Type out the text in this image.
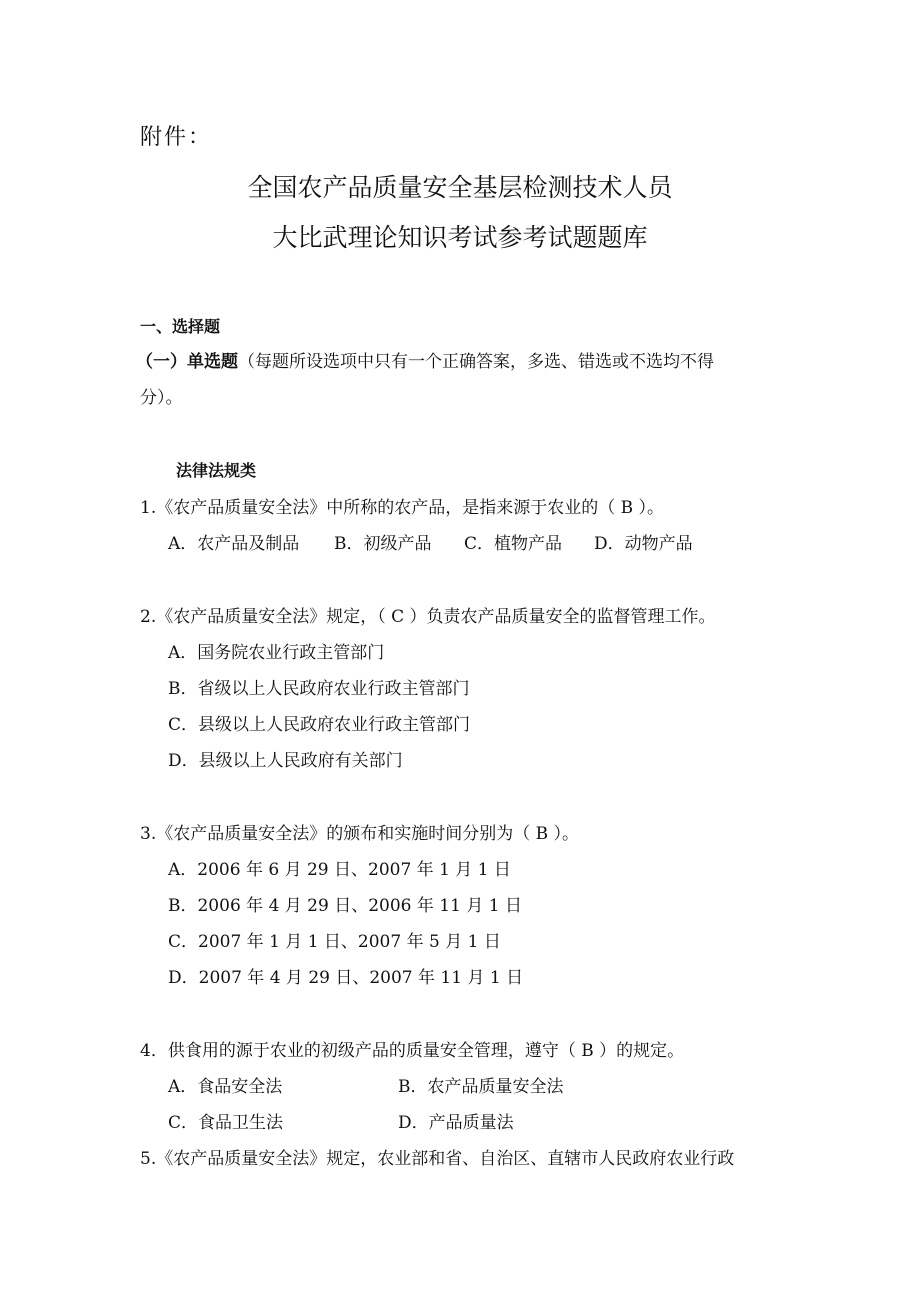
附件：
全国农产品质量安全基层检测技术人员
大比武理论知识考试参考试题题库
一、选择题
（一）单选题（每题所设选项中只有一个正确答案，多选、错选或不选均不得
分）。
法律法规类
1.《农产品质量安全法》中所称的农产品，是指来源于农业的（ B ）。
A．农产品及制品 B．初级产品 C．植物产品 D．动物产品
2.《农产品质量安全法》规定，（ C ）负责农产品质量安全的监督管理工作。
A．国务院农业行政主管部门
B．省级以上人民政府农业行政主管部门
C．县级以上人民政府农业行政主管部门
D．县级以上人民政府有关部门
3.《农产品质量安全法》的颁布和实施时间分别为（ B ）。
A．2006 年 6 月 29 日、2007 年 1 月 1 日
B．2006 年 4 月 29 日、2006 年 11 月 1 日
C．2007 年 1 月 1 日、2007 年 5 月 1 日
D．2007 年 4 月 29 日、2007 年 11 月 1 日
4．供食用的源于农业的初级产品的质量安全管理，遵守（ B ）的规定。
A．食品安全法	B．农产品质量安全法
C．食品卫生法	D．产品质量法
5.《农产品质量安全法》规定，农业部和省、自治区、直辖市人民政府农业行政
